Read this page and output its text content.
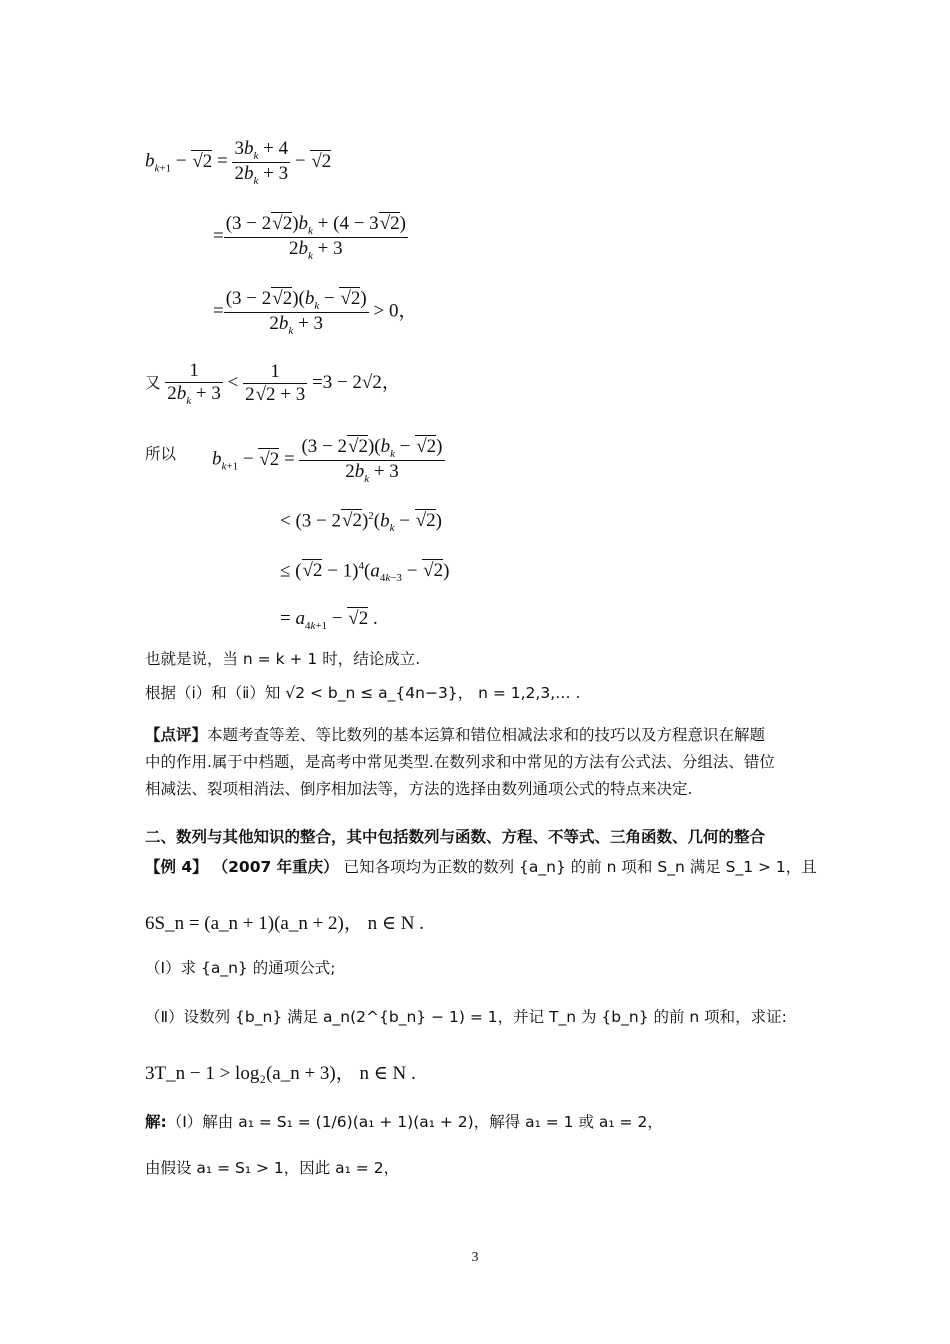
$b_{k+1} - √2 = \frac{3b_k + 4}{2b_k + 3} - √2$
= $\frac{(3 - 2√2)b_k + (4 - 3√2)}{2b_k + 3}$
= $\frac{(3 - 2√2)(b_k - √2)}{2b_k + 3} > 0$，
又 $\frac{1}{2b_k + 3} < \frac{1}{2√2 + 3} =3 - 2√2$，
所以 $b_{k+1} - √2 = \frac{(3 - 2√2)(b_k - √2)}{2b_k + 3}$
< $(3 - 2√2)^2(b_k - √2)$
≤ $(√2 - 1)^4(a_{4k-3} - √2)$
= $a_{4k+1} - √2$ .
也就是说，当 n = k + 1 时，结论成立.
根据（ⅰ）和（ⅱ）知 √2 < b_n ≤ a_{4n−3}， n = 1,2,3,… .
【点评】本题考查等差、等比数列的基本运算和错位相减法求和的技巧以及方程意识在解题
中的作用.属于中档题，是高考中常见类型.在数列求和中常见的方法有公式法、分组法、错位
相减法、裂项相消法、倒序相加法等，方法的选择由数列通项公式的特点来决定.
二、数列与其他知识的整合，其中包括数列与函数、方程、不等式、三角函数、几何的整合
【例 4】 （2007 年重庆） 已知各项均为正数的数列 {a_n} 的前 n 项和 S_n 满足 S_1 > 1，且
6S_n = (a_n + 1)(a_n + 2)， n ∈ N .
（Ⅰ）求 {a_n} 的通项公式;
（Ⅱ）设数列 {b_n} 满足 a_n(2^{b_n} − 1) = 1，并记 T_n 为 {b_n} 的前 n 项和，求证:
3T_n − 1 > log₂(a_n + 3)， n ∈ N .
解:（Ⅰ）解由 a₁ = S₁ = (1/6)(a₁ + 1)(a₁ + 2)，解得 a₁ = 1 或 a₁ = 2，
由假设 a₁ = S₁ > 1，因此 a₁ = 2，
3
